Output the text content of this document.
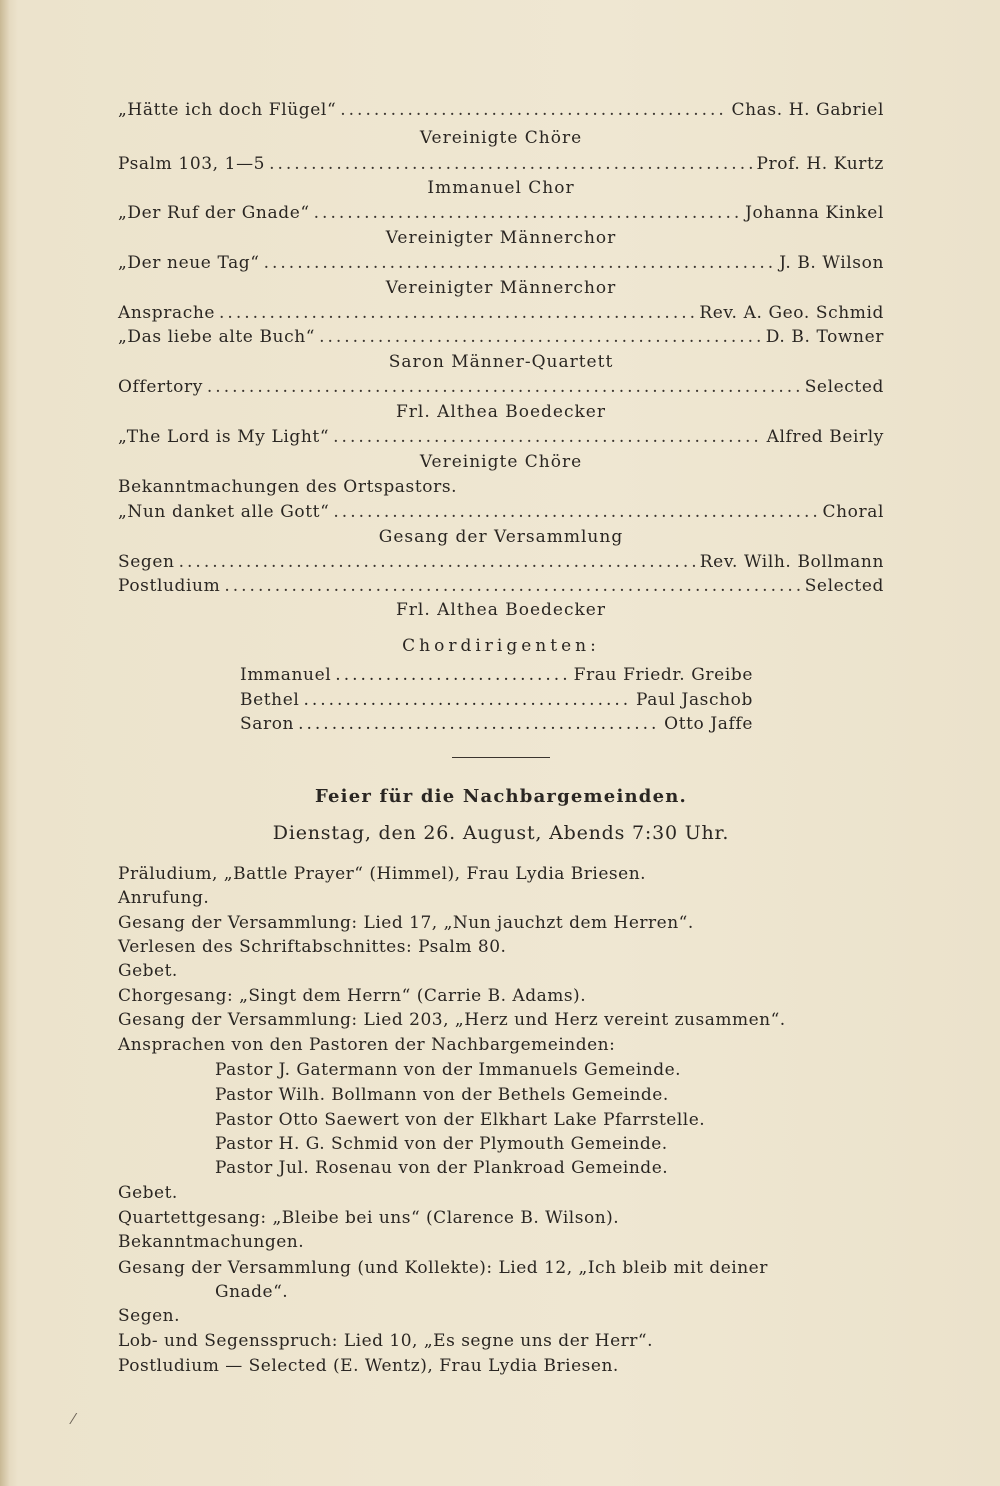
„Hätte ich doch Flügel“ .....	Chas. H. Gabriel
Vereinigte Chöre
Psalm 103, 1—5 .....	Prof. H. Kurtz
Immanuel Chor
„Der Ruf der Gnade“ .....	Johanna Kinkel
Vereinigter Männerchor
„Der neue Tag“ .....	J. B. Wilson
Vereinigter Männerchor
Ansprache .....	Rev. A. Geo. Schmid
„Das liebe alte Buch“ .....	D. B. Towner
Saron Männer-Quartett
Offertory .....	Selected
Frl. Althea Boedecker
„The Lord is My Light“ .....	Alfred Beirly
Vereinigte Chöre
Bekanntmachungen des Ortspastors.
„Nun danket alle Gott“ .....	Choral
Gesang der Versammlung
Segen .....	Rev. Wilh. Bollmann
Postludium .....	Selected
Frl. Althea Boedecker
Chordirigenten:
Immanuel .....	Frau Friedr. Greibe
Bethel .....	Paul Jaschob
Saron .....	Otto Jaffe
Feier für die Nachbargemeinden.
Dienstag, den 26. August, Abends 7:30 Uhr.
Präludium, „Battle Prayer“ (Himmel), Frau Lydia Briesen.
Anrufung.
Gesang der Versammlung: Lied 17, „Nun jauchzt dem Herren“.
Verlesen des Schriftabschnittes: Psalm 80.
Gebet.
Chorgesang: „Singt dem Herrn“ (Carrie B. Adams).
Gesang der Versammlung: Lied 203, „Herz und Herz vereint zusammen“.
Ansprachen von den Pastoren der Nachbargemeinden:
Pastor J. Gatermann von der Immanuels Gemeinde.
Pastor Wilh. Bollmann von der Bethels Gemeinde.
Pastor Otto Saewert von der Elkhart Lake Pfarrstelle.
Pastor H. G. Schmid von der Plymouth Gemeinde.
Pastor Jul. Rosenau von der Plankroad Gemeinde.
Gebet.
Quartettgesang: „Bleibe bei uns“ (Clarence B. Wilson).
Bekanntmachungen.
Gesang der Versammlung (und Kollekte): Lied 12, „Ich bleib mit deiner
Gnade“.
Segen.
Lob- und Segensspruch: Lied 10, „Es segne uns der Herr“.
Postludium — Selected (E. Wentz), Frau Lydia Briesen.
⁄
